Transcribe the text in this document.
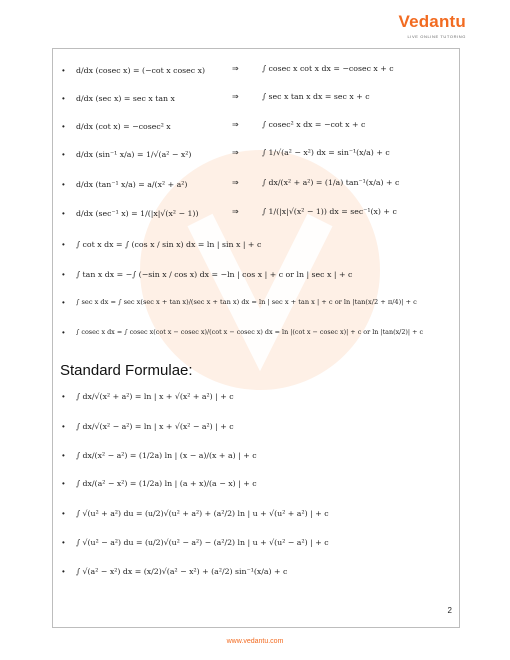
Vedantu
LIVE ONLINE TUTORING
•	d/dx (cosec x) = (−cot x cosec x)	⇒	∫ cosec x cot x dx = −cosec x + c
•	d/dx (sec x) = sec x tan x	⇒	∫ sec x tan x dx = sec x + c
•	d/dx (cot x) = −cosec² x	⇒	∫ cosec² x dx = −cot x + c
•	d/dx (sin⁻¹ x/a) = 1/√(a² − x²)	⇒	∫ 1/√(a² − x²) dx = sin⁻¹(x/a) + c
•	d/dx (tan⁻¹ x/a) = a/(x² + a²)	⇒	∫ dx/(x² + a²) = (1/a) tan⁻¹(x/a) + c
•	d/dx (sec⁻¹ x) = 1/(|x|√(x² − 1))	⇒	∫ 1/(|x|√(x² − 1)) dx = sec⁻¹(x) + c
•	∫ cot x dx = ∫ (cos x / sin x) dx = ln | sin x | + c
•	∫ tan x dx = −∫ (−sin x / cos x) dx = −ln | cos x | + c or ln | sec x | + c
•	∫ sec x dx = ∫ sec x(sec x + tan x)/(sec x + tan x) dx = ln | sec x + tan x | + c or ln |tan(x/2 + π/4)| + c
•	∫ cosec x dx = ∫ cosec x(cot x − cosec x)/(cot x − cosec x) dx = ln |(cot x − cosec x)| + c or ln |tan(x/2)| + c
Standard Formulae:
•	∫ dx/√(x² + a²) = ln | x + √(x² + a²) | + c
•	∫ dx/√(x² − a²) = ln | x + √(x² − a²) | + c
•	∫ dx/(x² − a²) = (1/2a) ln | (x − a)/(x + a) | + c
•	∫ dx/(a² − x²) = (1/2a) ln | (a + x)/(a − x) | + c
•	∫ √(u² + a²) du = (u/2)√(u² + a²) + (a²/2) ln | u + √(u² + a²) | + c
•	∫ √(u² − a²) du = (u/2)√(u² − a²) − (a²/2) ln | u + √(u² − a²) | + c
•	∫ √(a² − x²) dx = (x/2)√(a² − x²) + (a²/2) sin⁻¹(x/a) + c
2
www.vedantu.com
